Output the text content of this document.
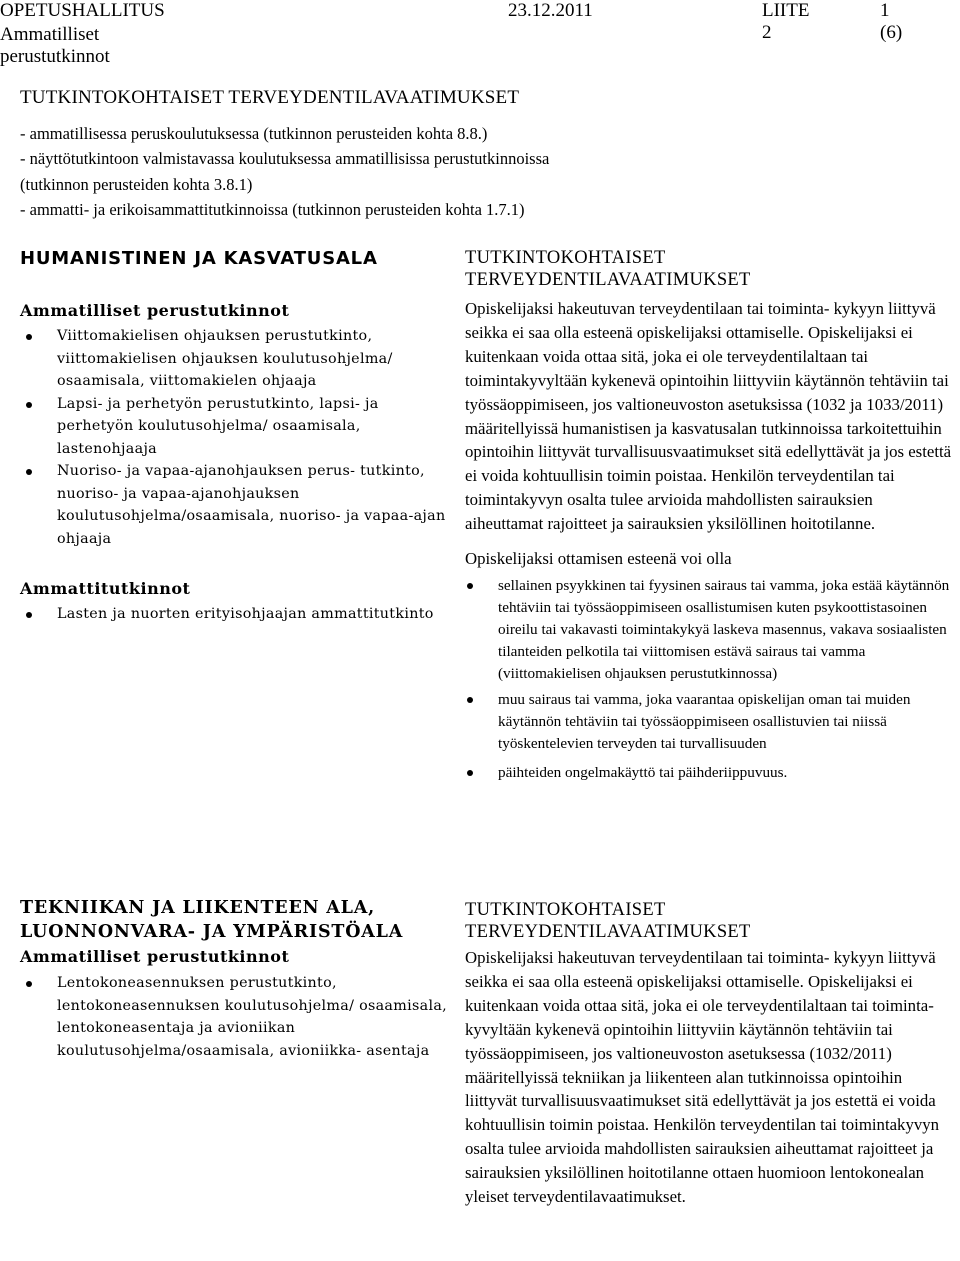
OPETUSHALLITUS
Ammatilliset perustutkinnot
23.12.2011	LIITE 2
1 (6)
TUTKINTOKOHTAISET TERVEYDENTILAVAATIMUKSET
- ammatillisessa peruskoulutuksessa (tutkinnon perusteiden kohta 8.8.)
- näyttötutkintoon valmistavassa koulutuksessa ammatillisissa perustutkinnoissa
(tutkinnon perusteiden kohta 3.8.1)
- ammatti- ja erikoisammattitutkinnoissa (tutkinnon perusteiden kohta 1.7.1)

HUMANISTINEN JA KASVATUSALA

Ammatilliset perustutkinnot

Viittomakielisen ohjauksen perustutkinto, viittomakielisen ohjauksen koulutusohjelma/ osaamisala, viittomakielen ohjaaja
Lapsi- ja perhetyön perustutkinto, lapsi- ja perhetyön koulutusohjelma/ osaamisala, lastenohjaaja
Nuoriso- ja vapaa-ajanohjauksen perus- tutkinto, nuoriso- ja vapaa-ajanohjauksen koulutusohjelma/osaamisala, nuoriso- ja vapaa-ajan ohjaaja

Ammattitutkinnot

Lasten ja nuorten erityisohjaajan ammattitutkinto

TEKNIIKAN JA LIIKENTEEN ALA,

LUONNONVARA- JA YMPÄRISTÖALA

Ammatilliset perustutkinnot

Lentokoneasennuksen perustutkinto, lentokoneasennuksen koulutusohjelma/ osaamisala, lentokoneasentaja ja avioniikan koulutusohjelma/osaamisala, avioniikka- asentaja

TUTKINTOKOHTAISET

TERVEYDENTILAVAATIMUKSET

Opiskelijaksi hakeutuvan terveydentilaan tai toiminta- kykyyn liittyvä seikka ei saa olla esteenä opiskelijaksi ottamiselle. Opiskelijaksi ei kuitenkaan voida ottaa sitä, joka ei ole terveydentilaltaan tai toimintakyvyltään kykenevä opintoihin liittyviin käytännön tehtäviin tai työssäoppimiseen, jos valtioneuvoston asetuksissa (1032 ja 1033/2011) määritellyissä humanistisen ja kasvatusalan tutkinnoissa tarkoitettuihin opintoihin liittyvät turvallisuusvaatimukset sitä edellyttävät ja jos estettä ei voida kohtuullisin toimin poistaa. Henkilön terveydentilan tai toimintakyvyn osalta tulee arvioida mahdollisten sairauksien aiheuttamat rajoitteet ja sairauksien yksilöllinen hoitotilanne.

Opiskelijaksi ottamisen esteenä voi olla

sellainen psyykkinen tai fyysinen sairaus tai vamma, joka estää käytännön tehtäviin tai työssäoppimiseen osallistumisen kuten psykoottistasoinen oireilu tai vakavasti toimintakykyä laskeva masennus, vakava sosiaalisten tilanteiden pelkotila tai viittomisen estävä sairaus tai vamma (viittomakielisen ohjauksen perustutkinnossa)
muu sairaus tai vamma, joka vaarantaa opiskelijan oman tai muiden käytännön tehtäviin tai työssäoppimiseen osallistuvien tai niissä työskentelevien terveyden tai turvallisuuden
päihteiden ongelmakäyttö tai päihderiippuvuus.

TUTKINTOKOHTAISET

TERVEYDENTILAVAATIMUKSET

Opiskelijaksi hakeutuvan terveydentilaan tai toiminta- kykyyn liittyvä seikka ei saa olla esteenä opiskelijaksi ottamiselle. Opiskelijaksi ei kuitenkaan voida ottaa sitä, joka ei ole terveydentilaltaan tai toiminta-kyvyltään kykenevä opintoihin liittyviin käytännön tehtäviin tai työssäoppimiseen, jos valtioneuvoston asetuksessa (1032/2011) määritellyissä tekniikan ja liikenteen alan tutkinnoissa opintoihin liittyvät turvallisuusvaatimukset sitä edellyttävät ja jos estettä ei voida kohtuullisin toimin poistaa. Henkilön terveydentilan tai toimintakyvyn osalta tulee arvioida mahdollisten sairauksien aiheuttamat rajoitteet ja sairauksien yksilöllinen hoitotilanne ottaen huomioon lentokonealan yleiset terveydentilavaatimukset.
